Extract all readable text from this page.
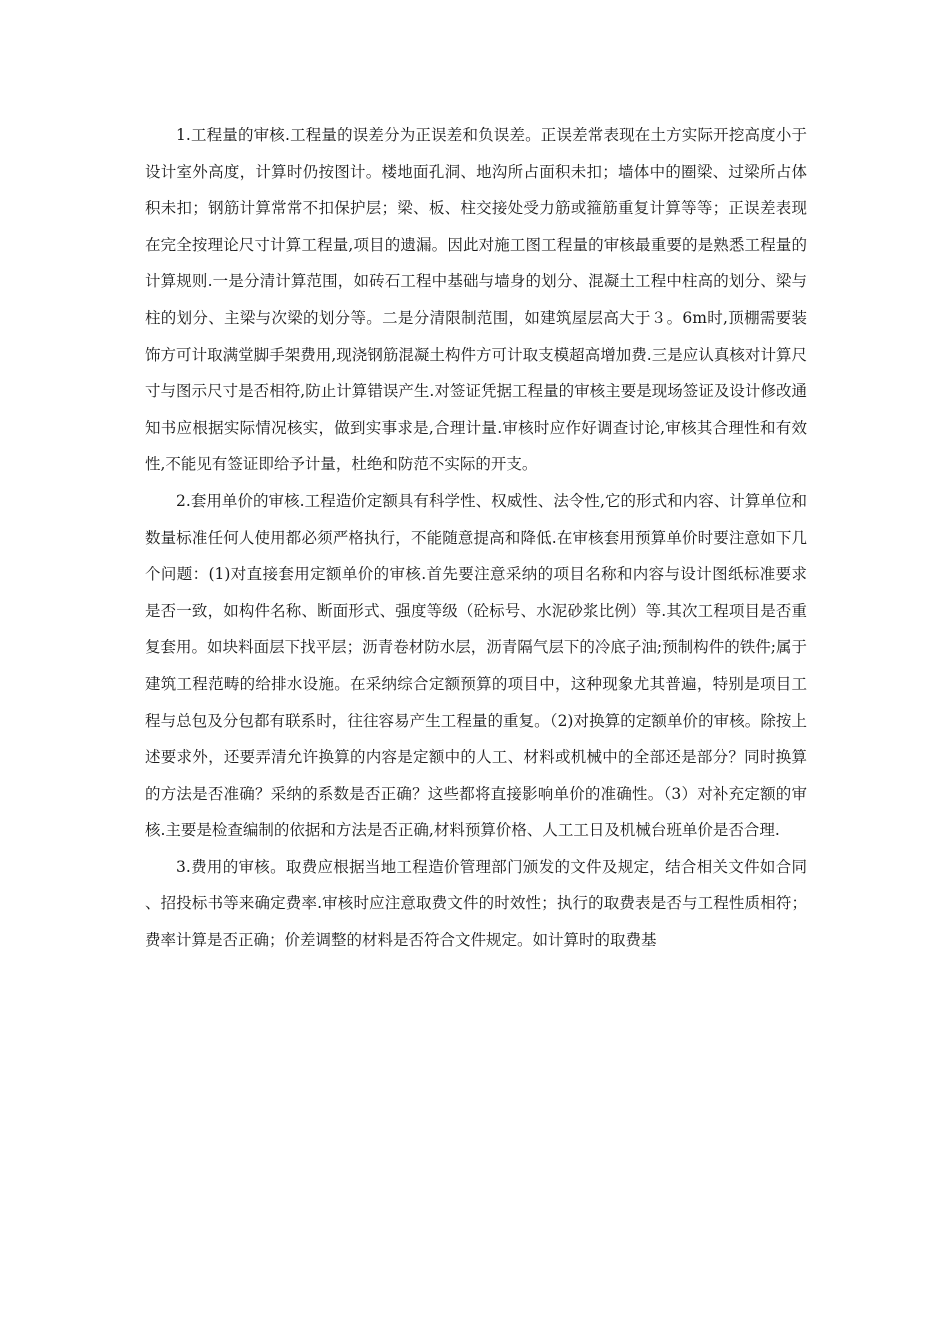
1.工程量的审核.工程量的误差分为正误差和负误差。正误差常表现在土方实际开挖高度小于设计室外高度，计算时仍按图计。楼地面孔洞、地沟所占面积未扣；墙体中的圈梁、过梁所占体积未扣；钢筋计算常常不扣保护层；梁、板、柱交接处受力筋或箍筋重复计算等等；正误差表现在完全按理论尺寸计算工程量,项目的遗漏。因此对施工图工程量的审核最重要的是熟悉工程量的计算规则.一是分清计算范围，如砖石工程中基础与墙身的划分、混凝土工程中柱高的划分、梁与柱的划分、主梁与次梁的划分等。二是分清限制范围，如建筑屋层高大于３。6m时,顶棚需要装饰方可计取满堂脚手架费用,现浇钢筋混凝土构件方可计取支模超高增加费.三是应认真核对计算尺寸与图示尺寸是否相符,防止计算错误产生.对签证凭据工程量的审核主要是现场签证及设计修改通知书应根据实际情况核实，做到实事求是,合理计量.审核时应作好调查讨论,审核其合理性和有效性,不能见有签证即给予计量，杜绝和防范不实际的开支。

2.套用单价的审核.工程造价定额具有科学性、权威性、法令性,它的形式和内容、计算单位和数量标准任何人使用都必须严格执行，不能随意提高和降低.在审核套用预算单价时要注意如下几个问题：(1)对直接套用定额单价的审核.首先要注意采纳的项目名称和内容与设计图纸标准要求是否一致，如构件名称、断面形式、强度等级（砼标号、水泥砂浆比例）等.其次工程项目是否重复套用。如块料面层下找平层；沥青卷材防水层，沥青隔气层下的冷底子油;预制构件的铁件;属于建筑工程范畴的给排水设施。在采纳综合定额预算的项目中，这种现象尤其普遍，特别是项目工程与总包及分包都有联系时，往往容易产生工程量的重复。（2)对换算的定额单价的审核。除按上述要求外，还要弄清允许换算的内容是定额中的人工、材料或机械中的全部还是部分？同时换算的方法是否准确？采纳的系数是否正确？这些都将直接影响单价的准确性。（3）对补充定额的审核.主要是检查编制的依据和方法是否正确,材料预算价格、人工工日及机械台班单价是否合理.

3.费用的审核。取费应根据当地工程造价管理部门颁发的文件及规定，结合相关文件如合同、招投标书等来确定费率.审核时应注意取费文件的时效性；执行的取费表是否与工程性质相符；费率计算是否正确；价差调整的材料是否符合文件规定。如计算时的取费基
